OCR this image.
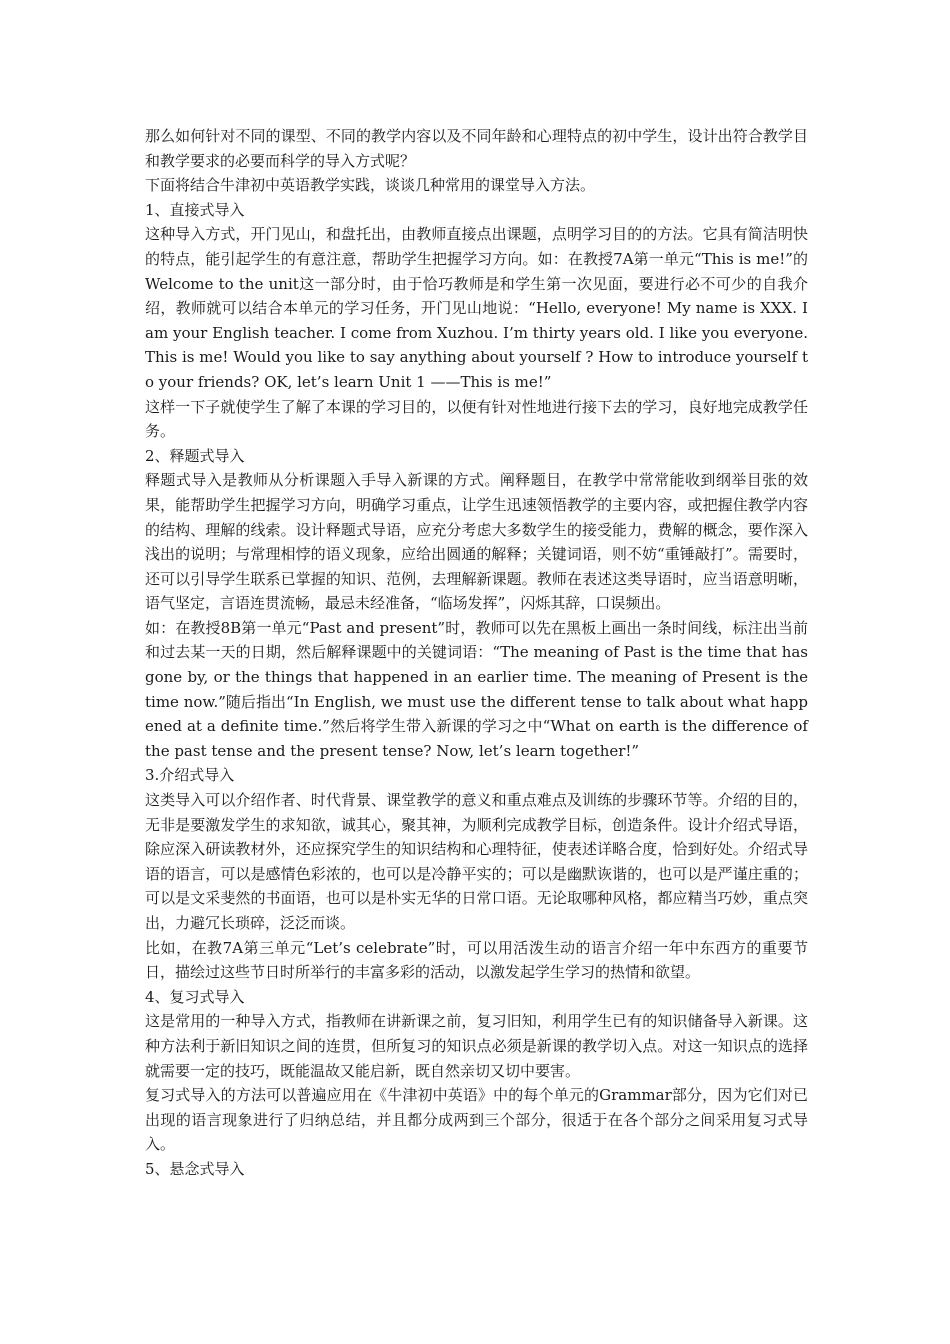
那么如何针对不同的课型、不同的教学内容以及不同年龄和心理特点的初中学生，设计出符合教学目和教学要求的必要而科学的导入方式呢？

下面将结合牛津初中英语教学实践，谈谈几种常用的课堂导入方法。

1、直接式导入

这种导入方式，开门见山，和盘托出，由教师直接点出课题，点明学习目的的方法。它具有简洁明快的特点，能引起学生的有意注意，帮助学生把握学习方向。如：在教授7A第一单元“This is me!”的Welcome to the unit这一部分时，由于恰巧教师是和学生第一次见面，要进行必不可少的自我介绍，教师就可以结合本单元的学习任务，开门见山地说：“Hello, everyone! My name is XXX. I am your English teacher. I come from Xuzhou. I’m thirty years old. I like you everyone. This is me! Would you like to say anything about yourself ? How to introduce yourself to your friends? OK, let’s learn Unit 1 ——This is me!”

这样一下子就使学生了解了本课的学习目的，以便有针对性地进行接下去的学习，良好地完成教学任务。

2、释题式导入

释题式导入是教师从分析课题入手导入新课的方式。阐释题目，在教学中常常能收到纲举目张的效果，能帮助学生把握学习方向，明确学习重点，让学生迅速领悟教学的主要内容，或把握住教学内容的结构、理解的线索。设计释题式导语，应充分考虑大多数学生的接受能力，费解的概念，要作深入浅出的说明；与常理相悖的语义现象，应给出圆通的解释；关键词语，则不妨“重锤敲打”。需要时，还可以引导学生联系已掌握的知识、范例，去理解新课题。教师在表述这类导语时，应当语意明晰，语气坚定，言语连贯流畅，最忌未经准备，“临场发挥”，闪烁其辞，口误频出。

如：在教授8B第一单元“Past and present”时，教师可以先在黑板上画出一条时间线，标注出当前和过去某一天的日期，然后解释课题中的关键词语：“The meaning of Past is the time that has gone by, or the things that happened in an earlier time. The meaning of Present is the time now.”随后指出“In English, we must use the different tense to talk about what happened at a definite time.”然后将学生带入新课的学习之中“What on earth is the difference of the past tense and the present tense? Now, let’s learn together!”

3.介绍式导入

这类导入可以介绍作者、时代背景、课堂教学的意义和重点难点及训练的步骤环节等。介绍的目的，无非是要激发学生的求知欲，诚其心，聚其神，为顺利完成教学目标，创造条件。设计介绍式导语，除应深入研读教材外，还应探究学生的知识结构和心理特征，使表述详略合度，恰到好处。介绍式导语的语言，可以是感情色彩浓的，也可以是冷静平实的；可以是幽默诙谐的，也可以是严谨庄重的；可以是文采斐然的书面语，也可以是朴实无华的日常口语。无论取哪种风格，都应精当巧妙，重点突出，力避冗长琐碎，泛泛而谈。

比如，在教7A第三单元“Let’s celebrate”时，可以用活泼生动的语言介绍一年中东西方的重要节日，描绘过这些节日时所举行的丰富多彩的活动，以激发起学生学习的热情和欲望。

4、复习式导入

这是常用的一种导入方式，指教师在讲新课之前，复习旧知，利用学生已有的知识储备导入新课。这种方法利于新旧知识之间的连贯，但所复习的知识点必须是新课的教学切入点。对这一知识点的选择就需要一定的技巧，既能温故又能启新，既自然亲切又切中要害。

复习式导入的方法可以普遍应用在《牛津初中英语》中的每个单元的Grammar部分，因为它们对已出现的语言现象进行了归纳总结，并且都分成两到三个部分，很适于在各个部分之间采用复习式导入。

5、悬念式导入
